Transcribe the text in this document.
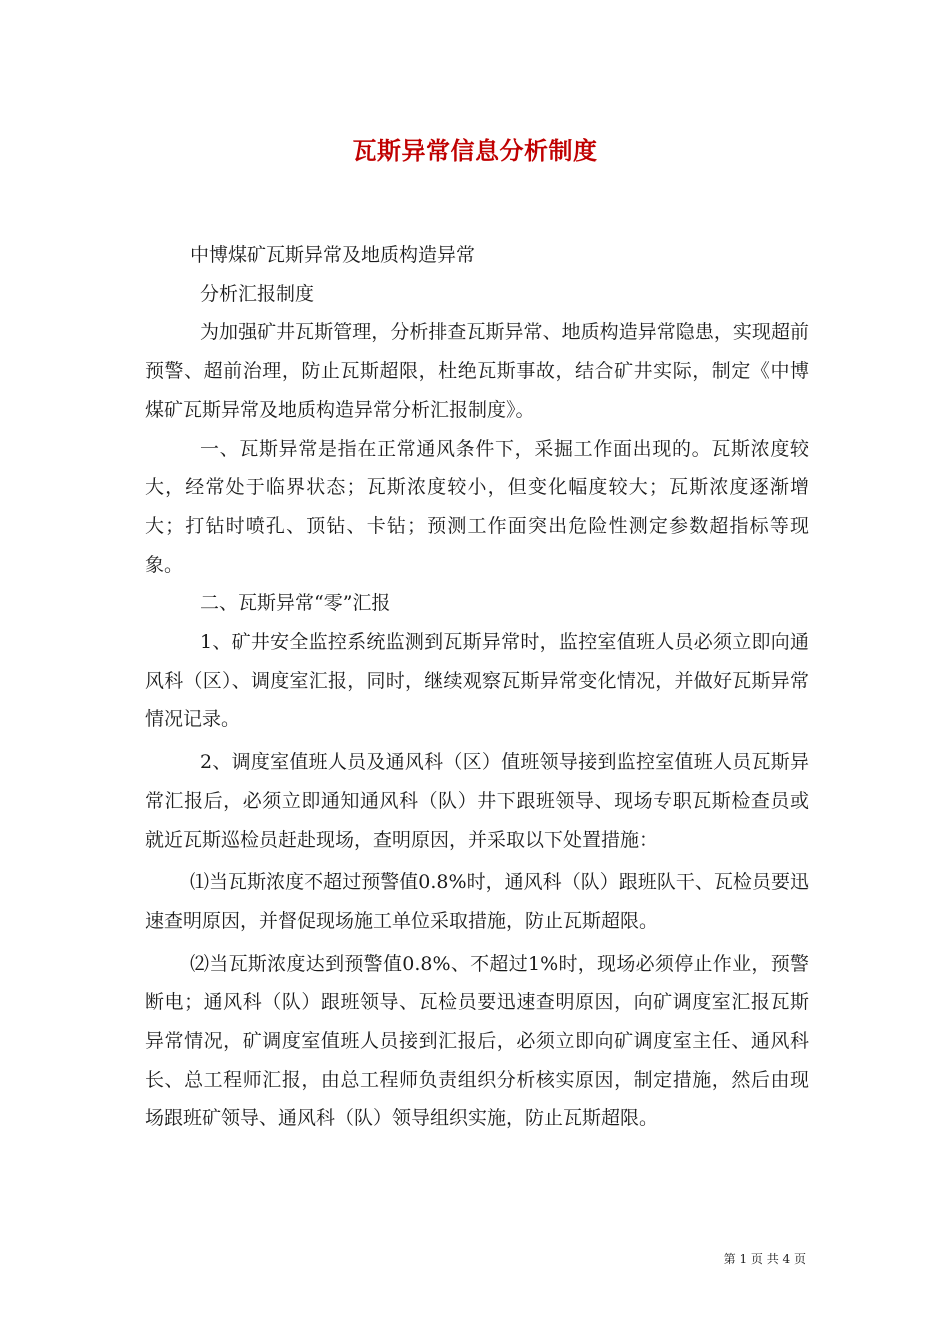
瓦斯异常信息分析制度

中博煤矿瓦斯异常及地质构造异常

分析汇报制度

为加强矿井瓦斯管理，分析排查瓦斯异常、地质构造异常隐患，实现超前预警、超前治理，防止瓦斯超限，杜绝瓦斯事故，结合矿井实际，制定《中博煤矿瓦斯异常及地质构造异常分析汇报制度》。

一、瓦斯异常是指在正常通风条件下，采掘工作面出现的。瓦斯浓度较大，经常处于临界状态；瓦斯浓度较小，但变化幅度较大；瓦斯浓度逐渐增大；打钻时喷孔、顶钻、卡钻；预测工作面突出危险性测定参数超指标等现象。

二、瓦斯异常“零”汇报

1、矿井安全监控系统监测到瓦斯异常时，监控室值班人员必须立即向通风科（区）、调度室汇报，同时，继续观察瓦斯异常变化情况，并做好瓦斯异常情况记录。

2、调度室值班人员及通风科（区）值班领导接到监控室值班人员瓦斯异常汇报后，必须立即通知通风科（队）井下跟班领导、现场专职瓦斯检查员或就近瓦斯巡检员赶赴现场，查明原因，并采取以下处置措施：

⑴当瓦斯浓度不超过预警值0.8%时，通风科（队）跟班队干、瓦检员要迅速查明原因，并督促现场施工单位采取措施，防止瓦斯超限。

⑵当瓦斯浓度达到预警值0.8%、不超过1%时，现场必须停止作业，预警断电；通风科（队）跟班领导、瓦检员要迅速查明原因，向矿调度室汇报瓦斯异常情况，矿调度室值班人员接到汇报后，必须立即向矿调度室主任、通风科长、总工程师汇报，由总工程师负责组织分析核实原因，制定措施，然后由现场跟班矿领导、通风科（队）领导组织实施，防止瓦斯超限。

第 1 页 共 4 页
